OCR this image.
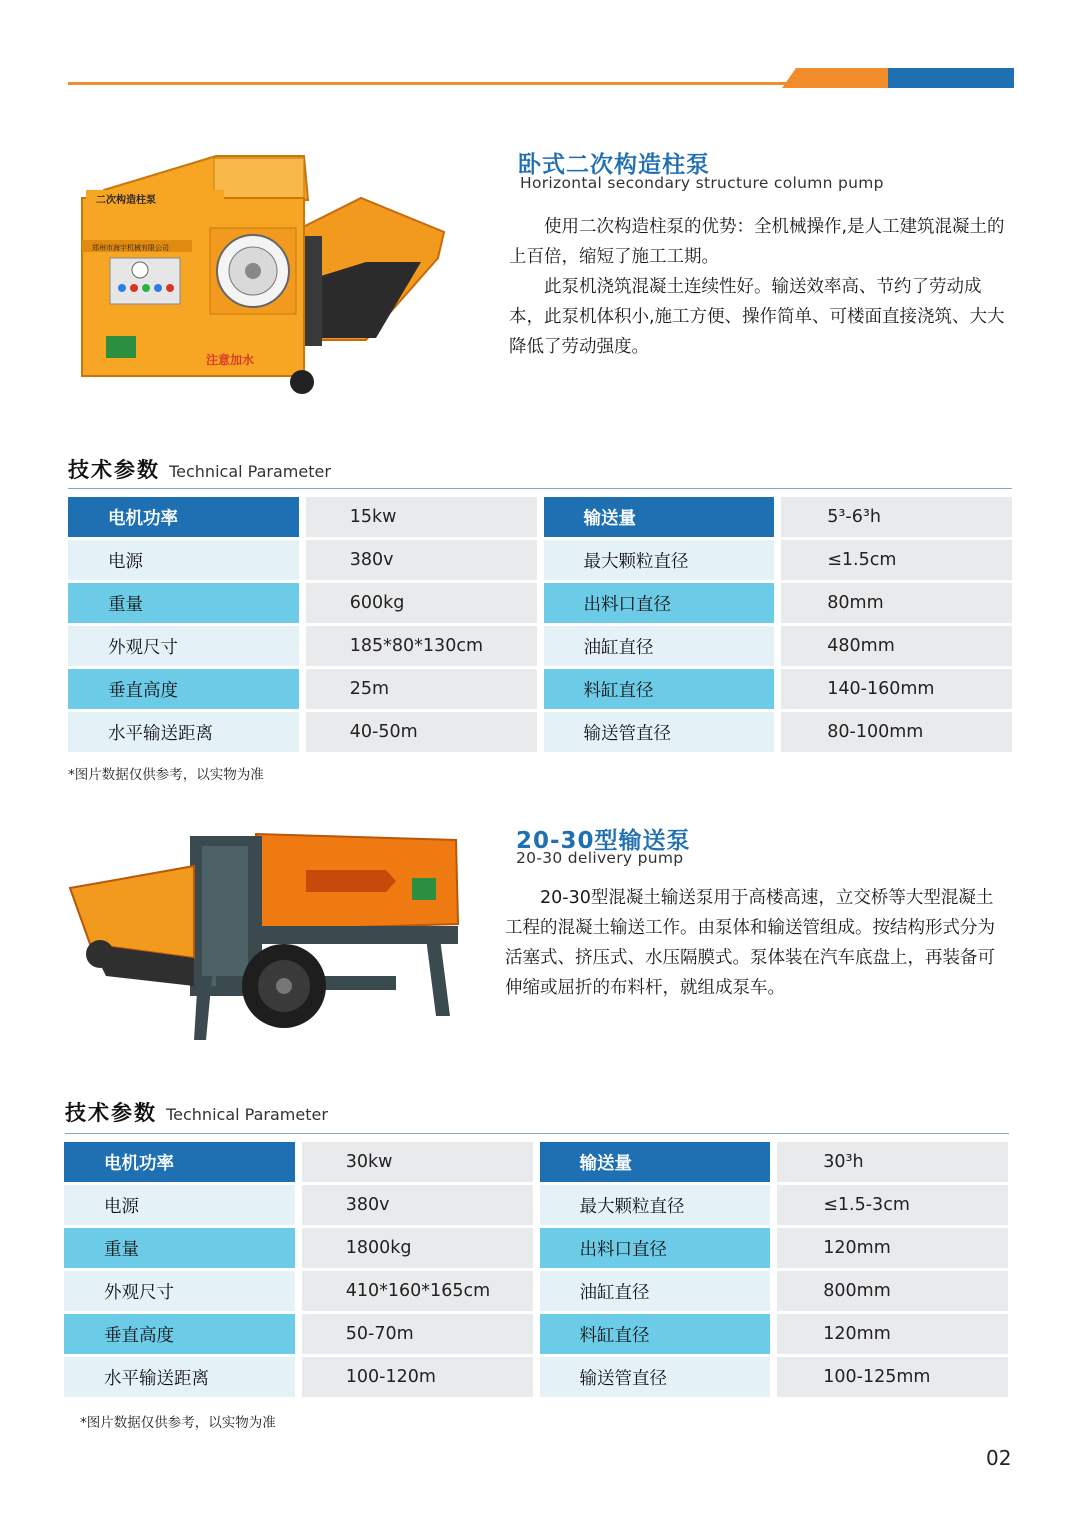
二次构造柱泵
郑州市海宇机械有限公司
注意加水
卧式二次构造柱泵
Horizontal secondary structure column pump

使用二次构造柱泵的优势：全机械操作,是人工建筑混凝土的上百倍，缩短了施工工期。

此泵机浇筑混凝土连续性好。输送效率高、节约了劳动成本，此泵机体积小,施工方便、操作简单、可楼面直接浇筑、大大降低了劳动强度。

技术参数 Technical Parameter
电机功率	15kw	输送量	5³-6³h
电源	380v	最大颗粒直径	≤1.5cm
重量	600kg	出料口直径	80mm
外观尺寸	185*80*130cm	油缸直径	480mm
垂直高度	25m	料缸直径	140-160mm
水平输送距离	40-50m	输送管直径	80-100mm
*图片数据仅供参考，以实物为准
20-30型输送泵
20-30 delivery pump

20-30型混凝土输送泵用于高楼高速，立交桥等大型混凝土工程的混凝土输送工作。由泵体和输送管组成。按结构形式分为活塞式、挤压式、水压隔膜式。泵体装在汽车底盘上，再装备可伸缩或屈折的布料杆，就组成泵车。

技术参数 Technical Parameter
电机功率	30kw	输送量	30³h
电源	380v	最大颗粒直径	≤1.5-3cm
重量	1800kg	出料口直径	120mm
外观尺寸	410*160*165cm	油缸直径	800mm
垂直高度	50-70m	料缸直径	120mm
水平输送距离	100-120m	输送管直径	100-125mm
*图片数据仅供参考，以实物为准
02
